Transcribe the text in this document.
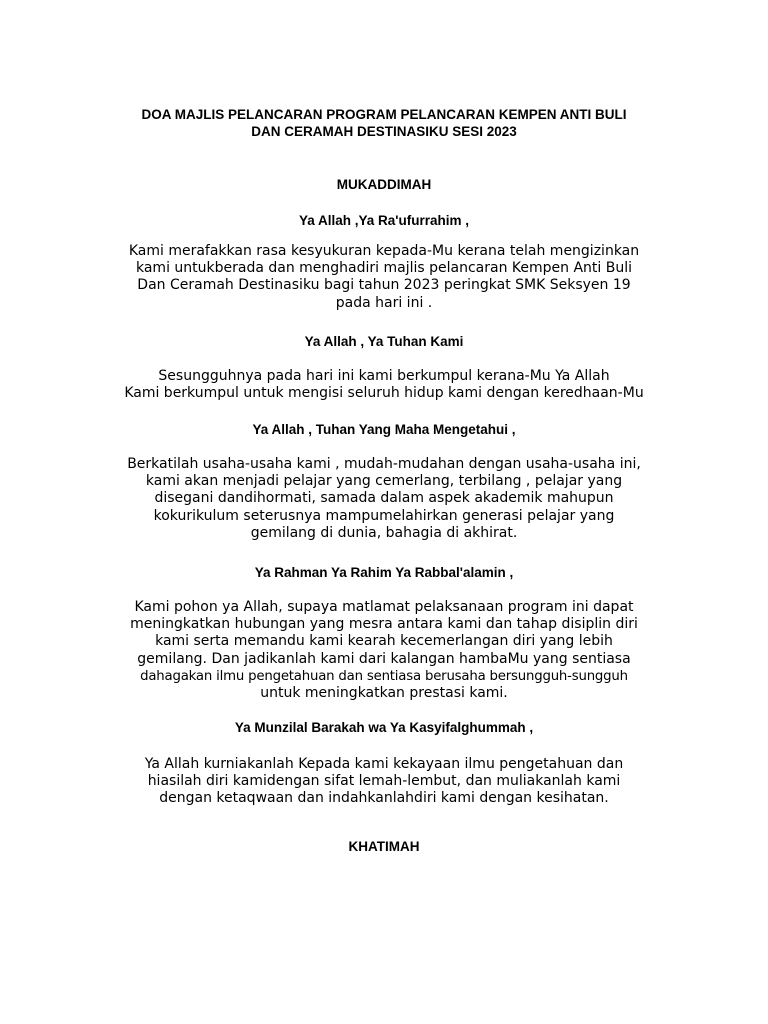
DOA MAJLIS PELANCARAN PROGRAM PELANCARAN KEMPEN ANTI BULI
DAN CERAMAH DESTINASIKU SESI 2023
MUKADDIMAH
Ya Allah ,Ya Ra'ufurrahim ,
Kami merafakkan rasa kesyukuran kepada-Mu kerana telah mengizinkan
kami untukberada dan menghadiri majlis pelancaran Kempen Anti Buli
Dan Ceramah Destinasiku bagi tahun 2023 peringkat SMK Seksyen 19
pada hari ini .
Ya Allah , Ya Tuhan Kami
Sesungguhnya pada hari ini kami berkumpul kerana-Mu Ya Allah
Kami berkumpul untuk mengisi seluruh hidup kami dengan keredhaan-Mu
Ya Allah , Tuhan Yang Maha Mengetahui ,
Berkatilah usaha-usaha kami , mudah-mudahan dengan usaha-usaha ini,
kami akan menjadi pelajar yang cemerlang, terbilang , pelajar yang
disegani dandihormati, samada dalam aspek akademik mahupun
kokurikulum seterusnya mampumelahirkan generasi pelajar yang
gemilang di dunia, bahagia di akhirat.
Ya Rahman Ya Rahim Ya Rabbal'alamin ,
Kami pohon ya Allah, supaya matlamat pelaksanaan program ini dapat
meningkatkan hubungan yang mesra antara kami dan tahap disiplin diri
kami serta memandu kami kearah kecemerlangan diri yang lebih
gemilang. Dan jadikanlah kami dari kalangan hambaMu yang sentiasa
dahagakan ilmu pengetahuan dan sentiasa berusaha bersungguh-sungguh
untuk meningkatkan prestasi kami.
Ya Munzilal Barakah wa Ya Kasyifalghummah ,
Ya Allah kurniakanlah Kepada kami kekayaan ilmu pengetahuan dan
hiasilah diri kamidengan sifat lemah-lembut, dan muliakanlah kami
dengan ketaqwaan dan indahkanlahdiri kami dengan kesihatan.
KHATIMAH
